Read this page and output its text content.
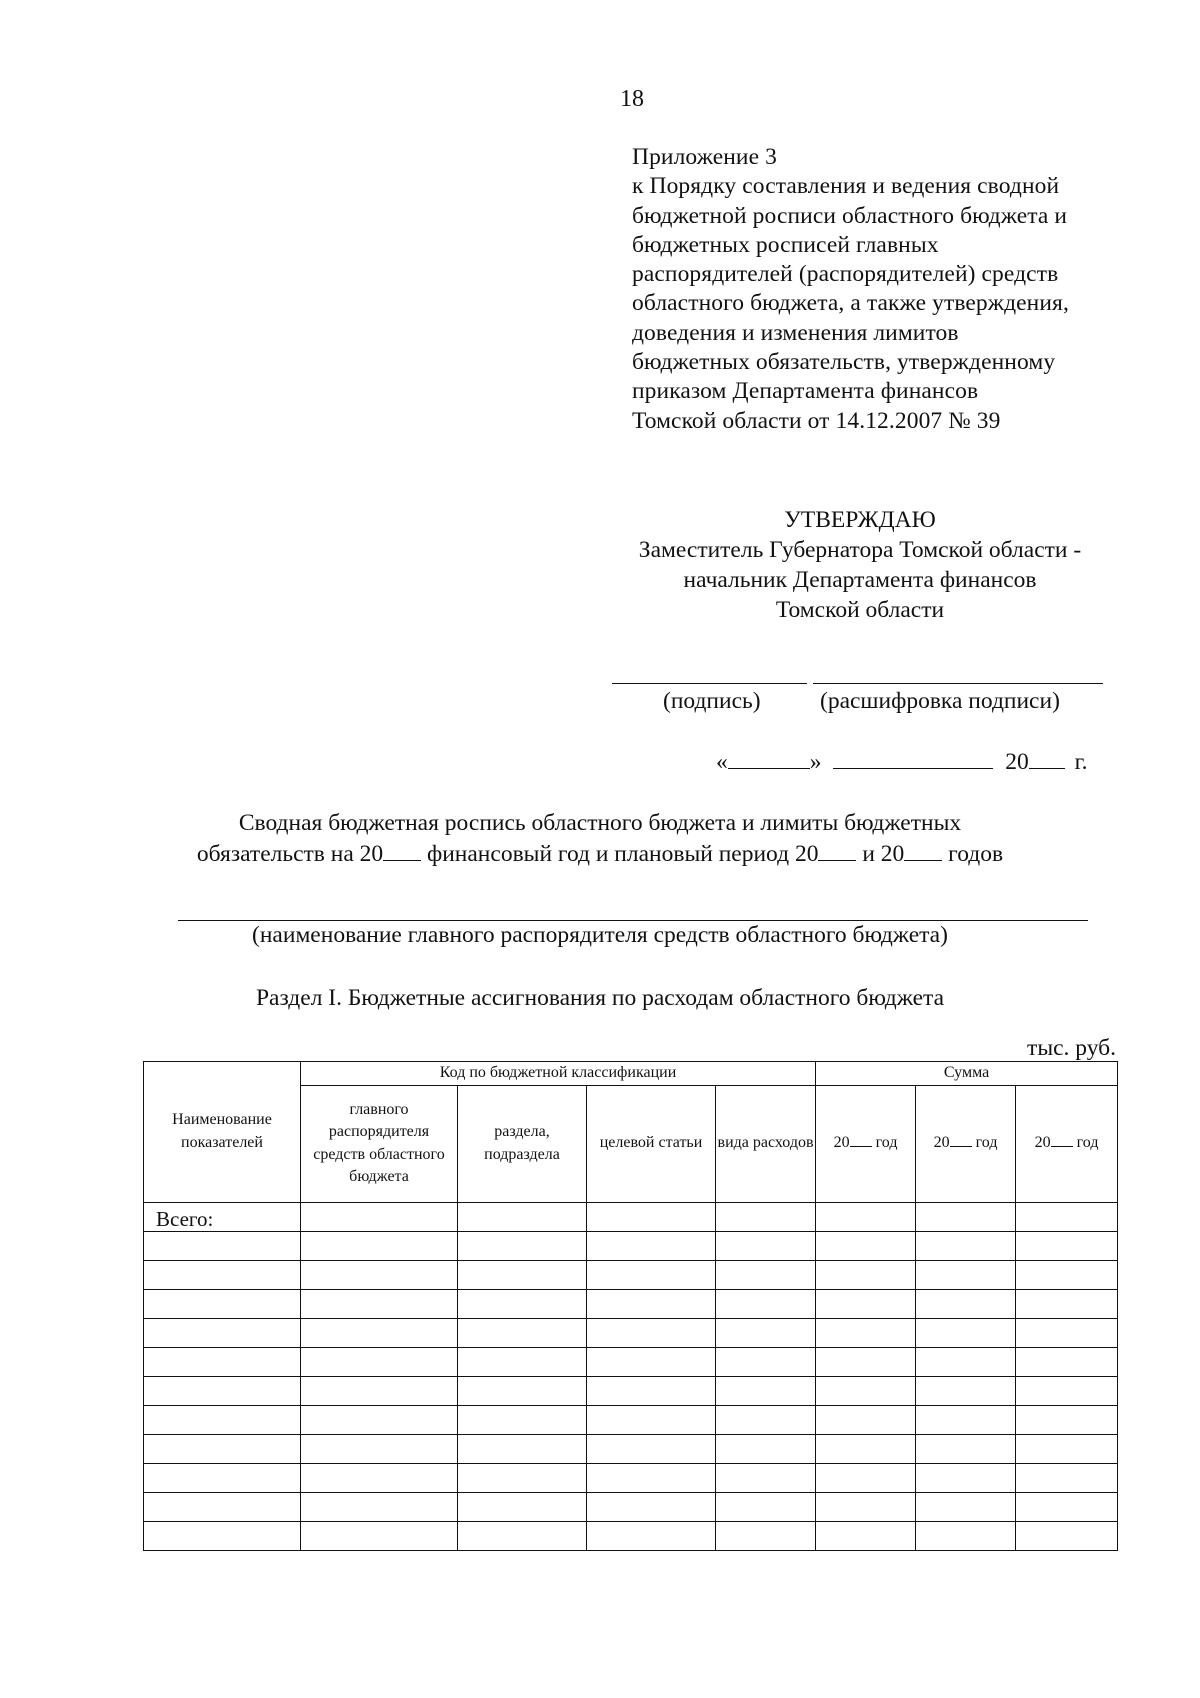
18
Приложение 3
к Порядку составления и ведения сводной
бюджетной росписи областного бюджета и
бюджетных росписей главных
распорядителей (распорядителей) средств
областного бюджета, а также утверждения,
доведения и изменения лимитов
бюджетных обязательств, утвержденному
приказом Департамента финансов
Томской области от 14.12.2007 № 39
УТВЕРЖДАЮ
Заместитель Губернатора Томской области -
начальник Департамента финансов
Томской области
(подпись)	(расшифровка подписи)
«	»	20 г.
Сводная бюджетная роспись областного бюджета и лимиты бюджетных
обязательств на 20 финансовый год и плановый период 20 и 20 годов
(наименование главного распорядителя средств областного бюджета)
Раздел I. Бюджетные ассигнования по расходам областного бюджета
тыс. руб.
Наименование показателей	Код по бюджетной классификации				Сумма		
	главного распорядителя средств областного бюджета	раздела, подраздела	целевой статьи	вида расходов	20 год	20 год	20 год
Всего:							
